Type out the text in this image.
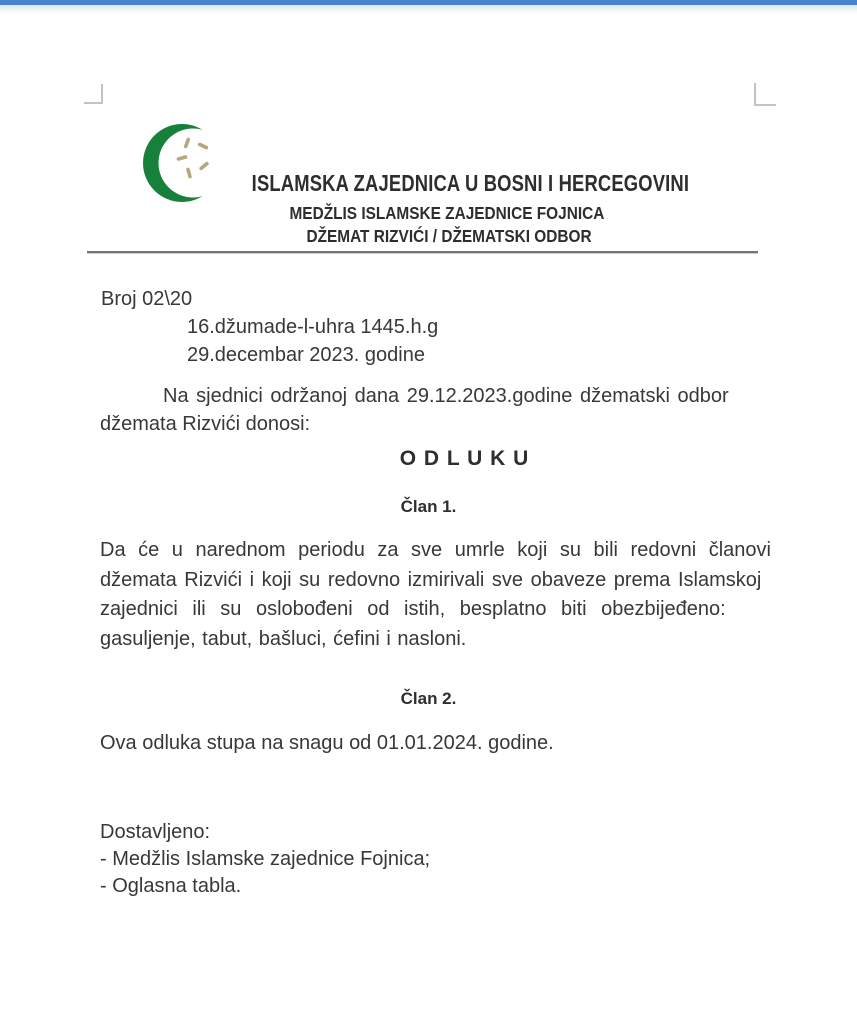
ISLAMSKA ZAJEDNICA U BOSNI I HERCEGOVINI
MEDŽLIS ISLAMSKE ZAJEDNICE FOJNICA
DŽEMAT RIZVIĆI / DŽEMATSKI ODBOR
Broj 02\20
16.džumade-l-uhra 1445.h.g
29.decembar 2023. godine
Na sjednici održanoj dana 29.12.2023.godine džematski odbor
džemata Rizvići donosi:
O D L U K U
Član 1.
Da će u narednom periodu za sve umrle koji su bili redovni članovi
džemata Rizvići i koji su redovno izmirivali sve obaveze prema Islamskoj
zajednici ili su oslobođeni od istih, besplatno biti obezbijeđeno:
gasuljenje, tabut, bašluci, ćefini i nasloni.
Član 2.
Ova odluka stupa na snagu od 01.01.2024. godine.
Dostavljeno:
- Medžlis Islamske zajednice Fojnica;
- Oglasna tabla.
